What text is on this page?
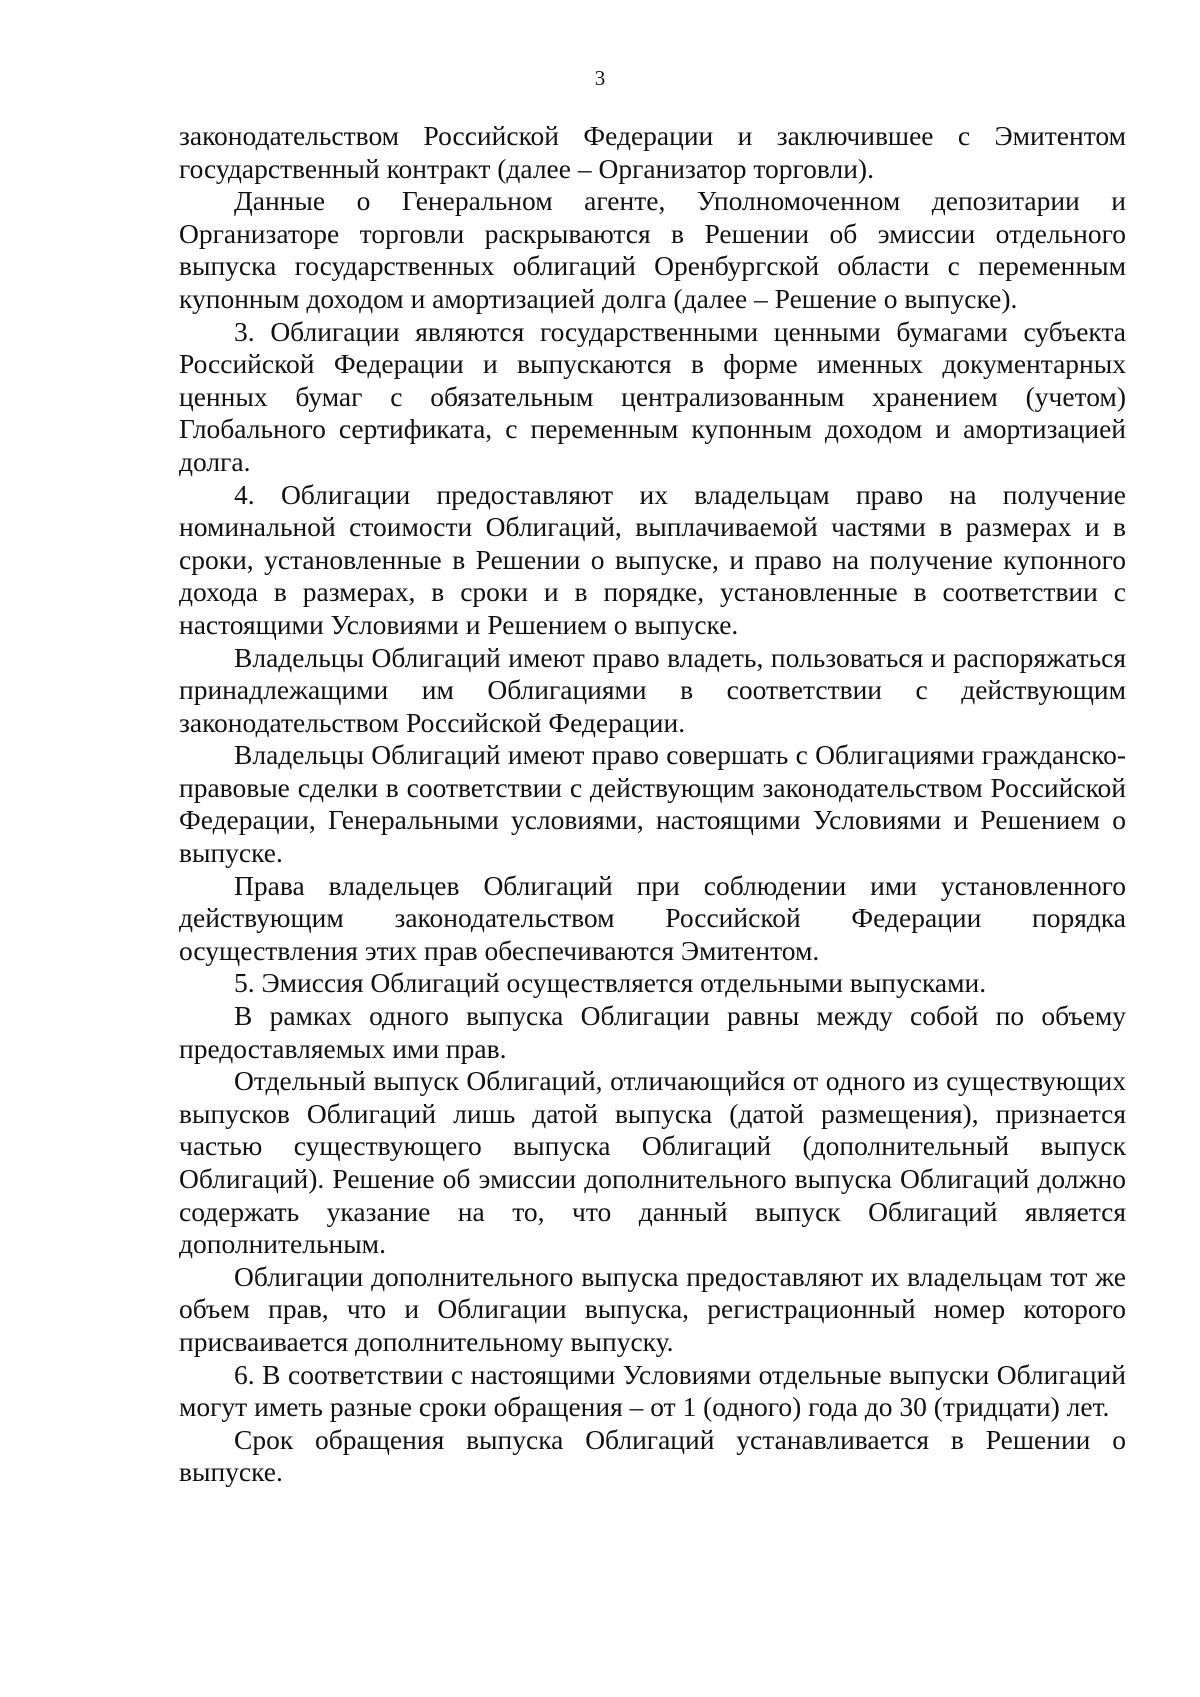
3

законодательством Российской Федерации и заключившее с Эмитентом государственный контракт (далее – Организатор торговли).

Данные о Генеральном агенте, Уполномоченном депозитарии и Организаторе торговли раскрываются в Решении об эмиссии отдельного выпуска государственных облигаций Оренбургской области с переменным купонным доходом и амортизацией долга (далее – Решение о выпуске).

3. Облигации являются государственными ценными бумагами субъекта Российской Федерации и выпускаются в форме именных документарных ценных бумаг с обязательным централизованным хранением (учетом) Глобального сертификата, с переменным купонным доходом и амортизацией долга.

4. Облигации предоставляют их владельцам право на получение номинальной стоимости Облигаций, выплачиваемой частями в размерах и в сроки, установленные в Решении о выпуске, и право на получение купонного дохода в размерах, в сроки и в порядке, установленные в соответствии с настоящими Условиями и Решением о выпуске.

Владельцы Облигаций имеют право владеть, пользоваться и распоряжаться принадлежащими им Облигациями в соответствии с действующим законодательством Российской Федерации.

Владельцы Облигаций имеют право совершать с Облигациями гражданско-правовые сделки в соответствии с действующим законодательством Российской Федерации, Генеральными условиями, настоящими Условиями и Решением о выпуске.

Права владельцев Облигаций при соблюдении ими установленного действующим законодательством Российской Федерации порядка осуществления этих прав обеспечиваются Эмитентом.

5. Эмиссия Облигаций осуществляется отдельными выпусками.

В рамках одного выпуска Облигации равны между собой по объему предоставляемых ими прав.

Отдельный выпуск Облигаций, отличающийся от одного из существующих выпусков Облигаций лишь датой выпуска (датой размещения), признается частью существующего выпуска Облигаций (дополнительный выпуск Облигаций). Решение об эмиссии дополнительного выпуска Облигаций должно содержать указание на то, что данный выпуск Облигаций является дополнительным.

Облигации дополнительного выпуска предоставляют их владельцам тот же объем прав, что и Облигации выпуска, регистрационный номер которого присваивается дополнительному выпуску.

6. В соответствии с настоящими Условиями отдельные выпуски Облигаций могут иметь разные сроки обращения – от 1 (одного) года до 30 (тридцати) лет.

Срок обращения выпуска Облигаций устанавливается в Решении о выпуске.
